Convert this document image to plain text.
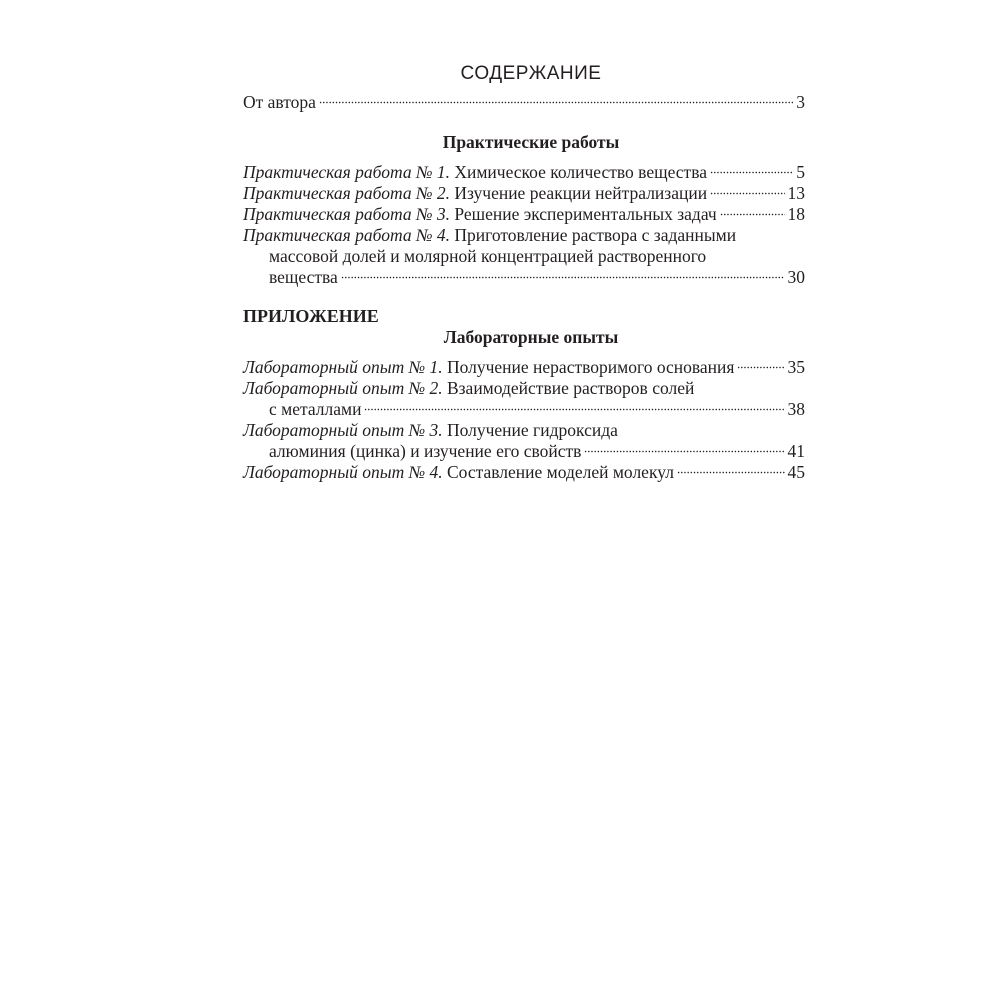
СОДЕРЖАНИЕ
От автора	3
Практические работы
Практическая работа № 1. Химическое количество вещества	5
Практическая работа № 2. Изучение реакции нейтрализации	13
Практическая работа № 3. Решение экспериментальных задач	18
Практическая работа № 4. Приготовление раствора с заданными
массовой долей и молярной концентрацией растворенного
вещества	30
ПРИЛОЖЕНИЕ
Лабораторные опыты
Лабораторный опыт № 1. Получение нерастворимого основания	35
Лабораторный опыт № 2. Взаимодействие растворов солей
с металлами	38
Лабораторный опыт № 3. Получение гидроксида
алюминия (цинка) и изучение его свойств	41
Лабораторный опыт № 4. Составление моделей молекул	45
